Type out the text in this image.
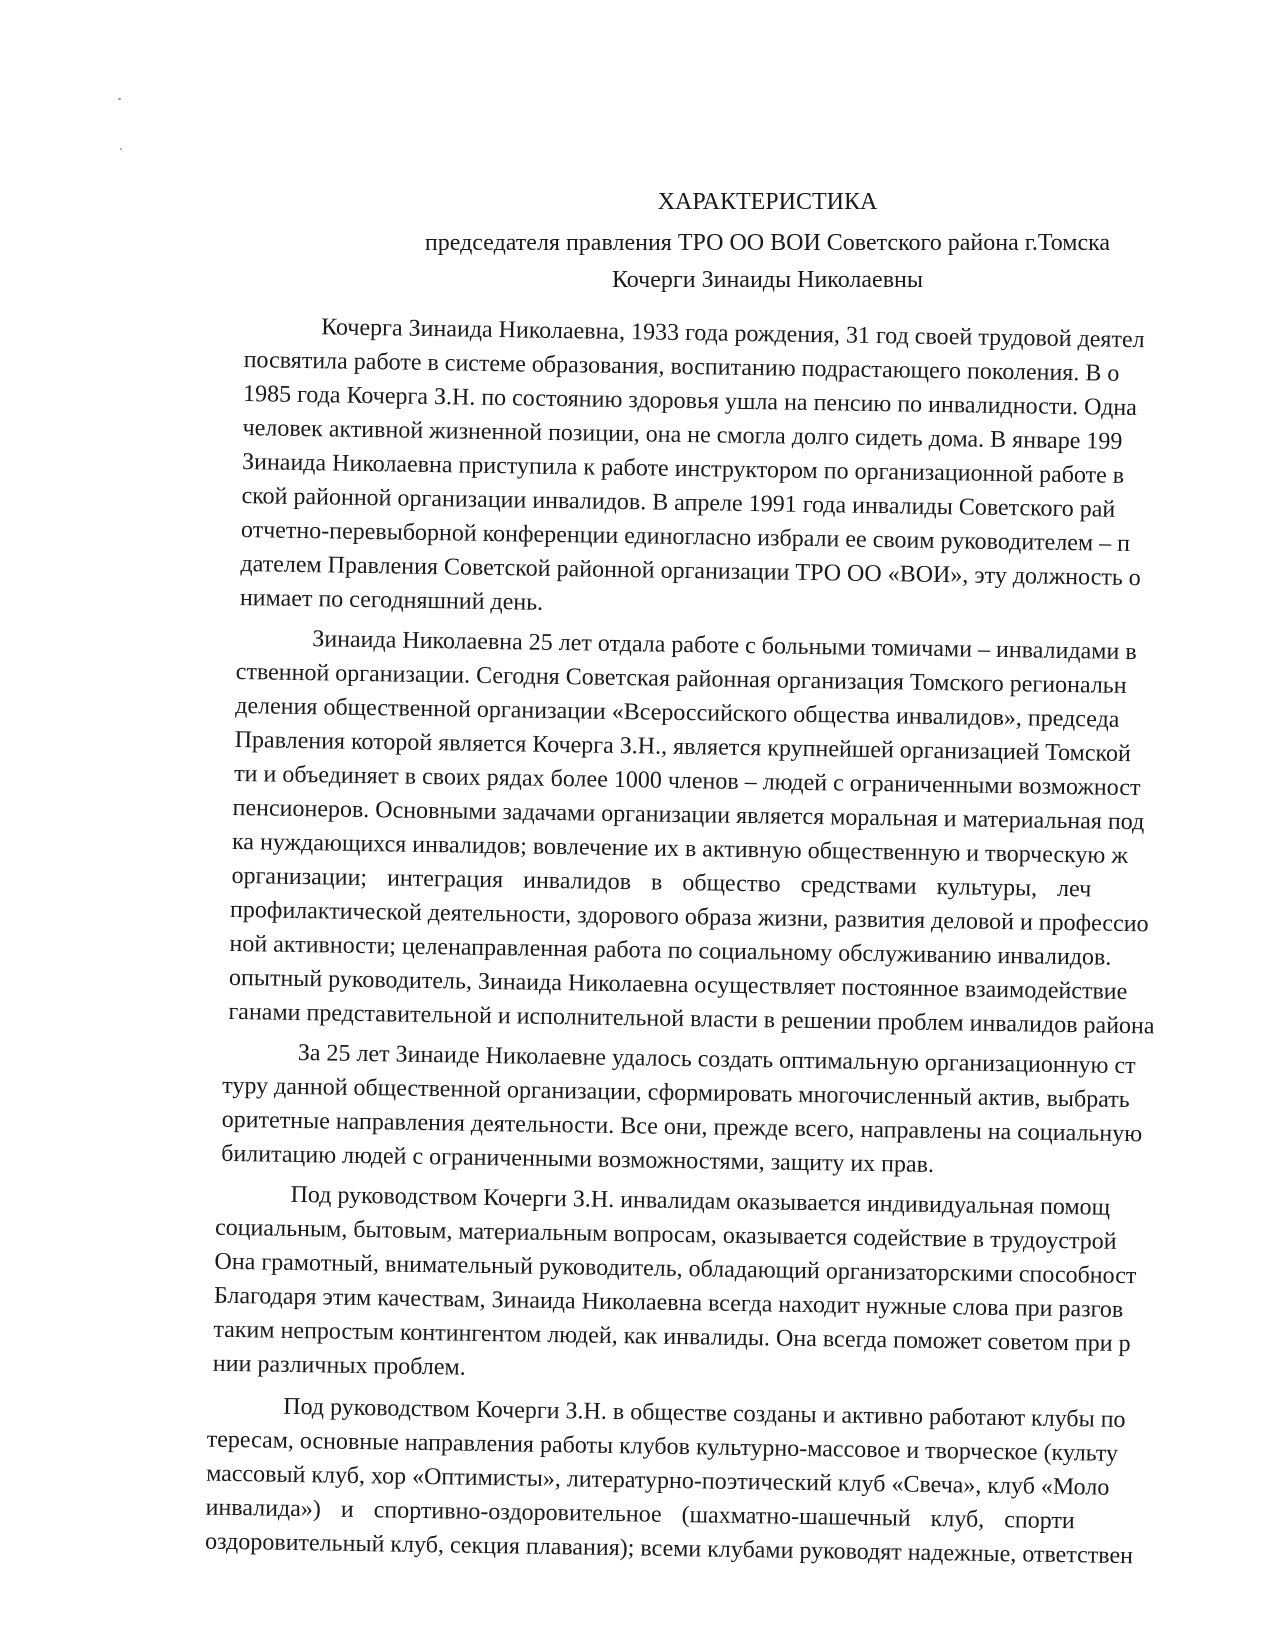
ХАРАКТЕРИСТИКА
председателя правления ТРО ОО ВОИ Советского района г.Томска
Кочерги Зинаиды Николаевны
Кочерга Зинаида Николаевна, 1933 года рождения, 31 год своей трудовой деятел
посвятила работе в системе образования, воспитанию подрастающего поколения. В о
1985 года Кочерга З.Н. по состоянию здоровья ушла на пенсию по инвалидности. Одна
человек активной жизненной позиции, она не смогла долго сидеть дома. В январе 199
Зинаида Николаевна приступила к работе инструктором по организационной работе в
ской районной организации инвалидов. В апреле 1991 года инвалиды Советского рай
отчетно-перевыборной конференции единогласно избрали ее своим руководителем – п
дателем Правления Советской районной организации ТРО ОО «ВОИ», эту должность о
нимает по сегодняшний день.
Зинаида Николаевна 25 лет отдала работе с больными томичами – инвалидами в
ственной организации. Сегодня Советская районная организация Томского региональн
деления общественной организации «Всероссийского общества инвалидов», председа
Правления которой является Кочерга З.Н., является крупнейшей организацией Томской
ти и объединяет в своих рядах более 1000 членов – людей с ограниченными возможност
пенсионеров. Основными задачами организации является моральная и материальная под
ка нуждающихся инвалидов; вовлечение их в активную общественную и творческую ж
организации; интеграция инвалидов в общество средствами культуры, леч
профилактической деятельности, здорового образа жизни, развития деловой и профессио
ной активности; целенаправленная работа по социальному обслуживанию инвалидов.
опытный руководитель, Зинаида Николаевна осуществляет постоянное взаимодействие
ганами представительной и исполнительной власти в решении проблем инвалидов района
За 25 лет Зинаиде Николаевне удалось создать оптимальную организационную ст
туру данной общественной организации, сформировать многочисленный актив, выбрать
оритетные направления деятельности. Все они, прежде всего, направлены на социальную
билитацию людей с ограниченными возможностями, защиту их прав.
Под руководством Кочерги З.Н. инвалидам оказывается индивидуальная помощ
социальным, бытовым, материальным вопросам, оказывается содействие в трудоустрой
Она грамотный, внимательный руководитель, обладающий организаторскими способност
Благодаря этим качествам, Зинаида Николаевна всегда находит нужные слова при разгов
таким непростым контингентом людей, как инвалиды. Она всегда поможет советом при р
нии различных проблем.
Под руководством Кочерги З.Н. в обществе созданы и активно работают клубы по
тересам, основные направления работы клубов культурно-массовое и творческое (культу
массовый клуб, хор «Оптимисты», литературно-поэтический клуб «Свеча», клуб «Моло
инвалида») и спортивно-оздоровительное (шахматно-шашечный клуб, спорти
оздоровительный клуб, секция плавания); всеми клубами руководят надежные, ответствен
